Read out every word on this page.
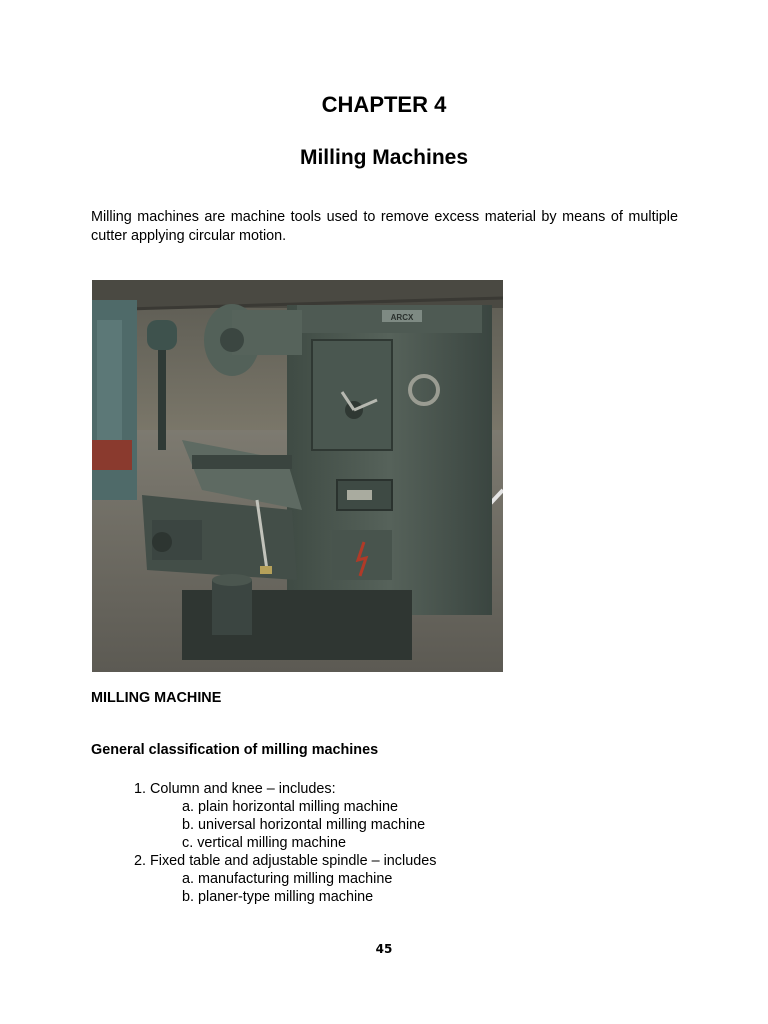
CHAPTER 4
Milling Machines
Milling machines are machine tools used to remove excess material by means of multiple cutter applying circular motion.
ARCX
MILLING MACHINE
General classification of milling machines
1. Column and knee – includes:
a. plain horizontal milling machine
b. universal horizontal milling machine
c. vertical milling machine
2. Fixed table and adjustable spindle – includes
a. manufacturing milling machine
b. planer-type milling machine
45
